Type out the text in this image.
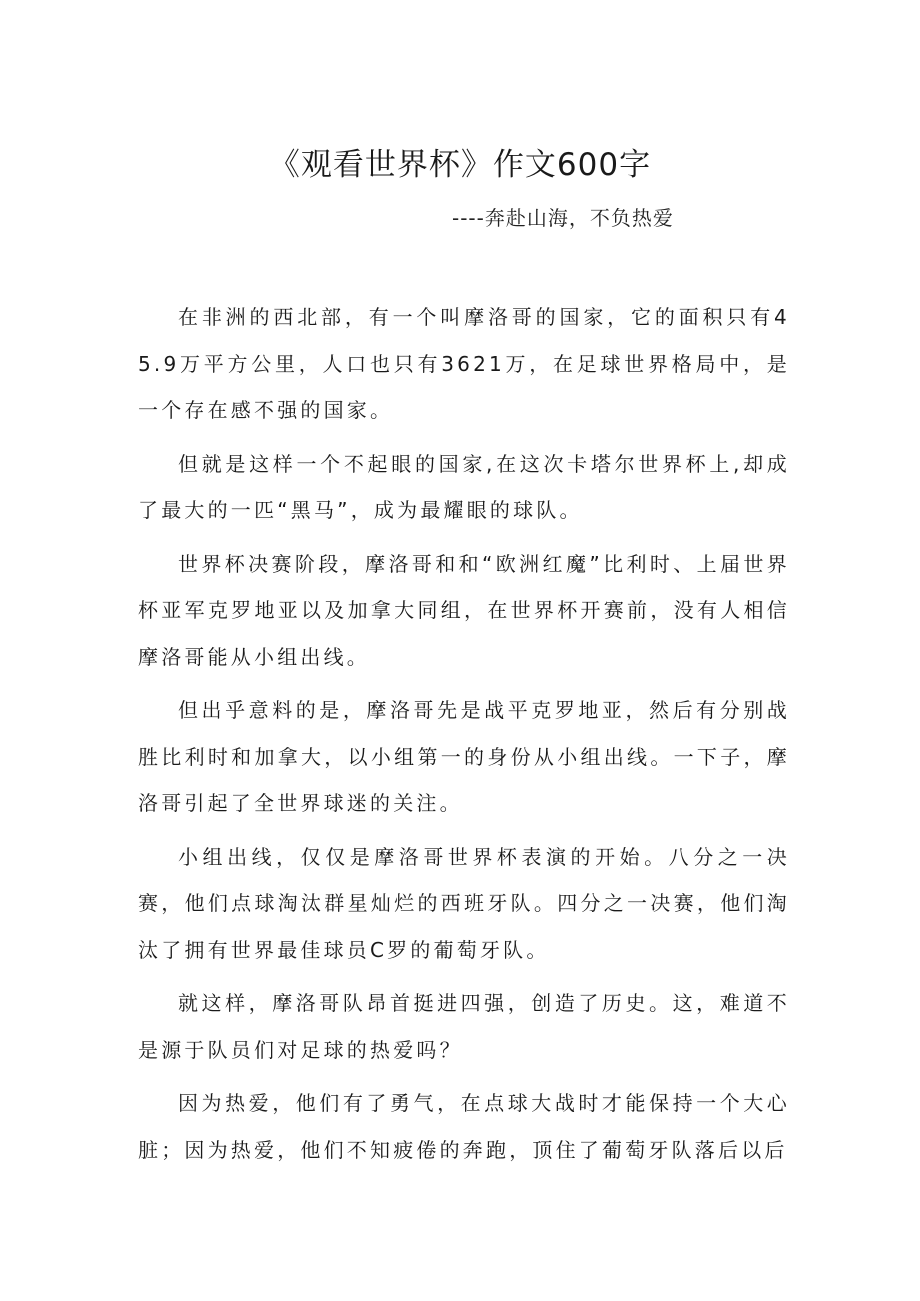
《观看世界杯》作文600字
----奔赴山海，不负热爱

在非洲的西北部，有一个叫摩洛哥的国家，它的面积只有45.9万平方公里，人口也只有3621万，在足球世界格局中，是一个存在感不强的国家。

但就是这样一个不起眼的国家,在这次卡塔尔世界杯上,却成了最大的一匹“黑马”，成为最耀眼的球队。

世界杯决赛阶段，摩洛哥和和“欧洲红魔”比利时、上届世界杯亚军克罗地亚以及加拿大同组，在世界杯开赛前，没有人相信摩洛哥能从小组出线。

但出乎意料的是，摩洛哥先是战平克罗地亚，然后有分别战胜比利时和加拿大，以小组第一的身份从小组出线。一下子，摩洛哥引起了全世界球迷的关注。

小组出线，仅仅是摩洛哥世界杯表演的开始。八分之一决赛，他们点球淘汰群星灿烂的西班牙队。四分之一决赛，他们淘汰了拥有世界最佳球员C罗的葡萄牙队。

就这样，摩洛哥队昂首挺进四强，创造了历史。这，难道不是源于队员们对足球的热爱吗？

因为热爱，他们有了勇气，在点球大战时才能保持一个大心脏；因为热爱，他们不知疲倦的奔跑，顶住了葡萄牙队落后以后
